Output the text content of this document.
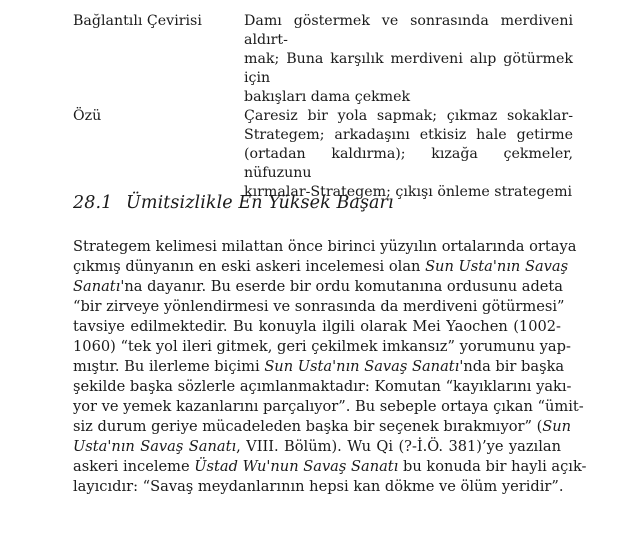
Bağlantılı Çevirisi	Damı göstermek ve sonrasında merdiveni aldırt-
mak; Buna karşılık merdiveni alıp götürmek için
bakışları dama çekmek
Özü	Çaresiz bir yola sapmak; çıkmaz sokaklar-
Strategem; arkadaşını etkisiz hale getirme
(ortadan kaldırma); kızağa çekmeler, nüfuzunu
kırmalar-Strategem; çıkışı önleme strategemi
28.1 Ümitsizlikle En Yüksek Başarı
Strategem kelimesi milattan önce birinci yüzyılın ortalarında ortaya
çıkmış dünyanın en eski askeri incelemesi olan Sun Usta'nın Savaş
Sanatı'na dayanır. Bu eserde bir ordu komutanına ordusunu adeta
“bir zirveye yönlendirmesi ve sonrasında da merdiveni götürmesi”
tavsiye edilmektedir. Bu konuyla ilgili olarak Mei Yaochen (1002-
1060) “tek yol ileri gitmek, geri çekilmek imkansız” yorumunu yap-
mıştır. Bu ilerleme biçimi Sun Usta'nın Savaş Sanatı'nda bir başka
şekilde başka sözlerle açımlanmaktadır: Komutan “kayıklarını yakı-
yor ve yemek kazanlarını parçalıyor”. Bu sebeple ortaya çıkan “ümit-
siz durum geriye mücadeleden başka bir seçenek bırakmıyor” (Sun
Usta'nın Savaş Sanatı, VIII. Bölüm). Wu Qi (?-İ.Ö. 381)’ye yazılan
askeri inceleme Üstad Wu'nun Savaş Sanatı bu konuda bir hayli açık-
layıcıdır: “Savaş meydanlarının hepsi kan dökme ve ölüm yeridir”.
